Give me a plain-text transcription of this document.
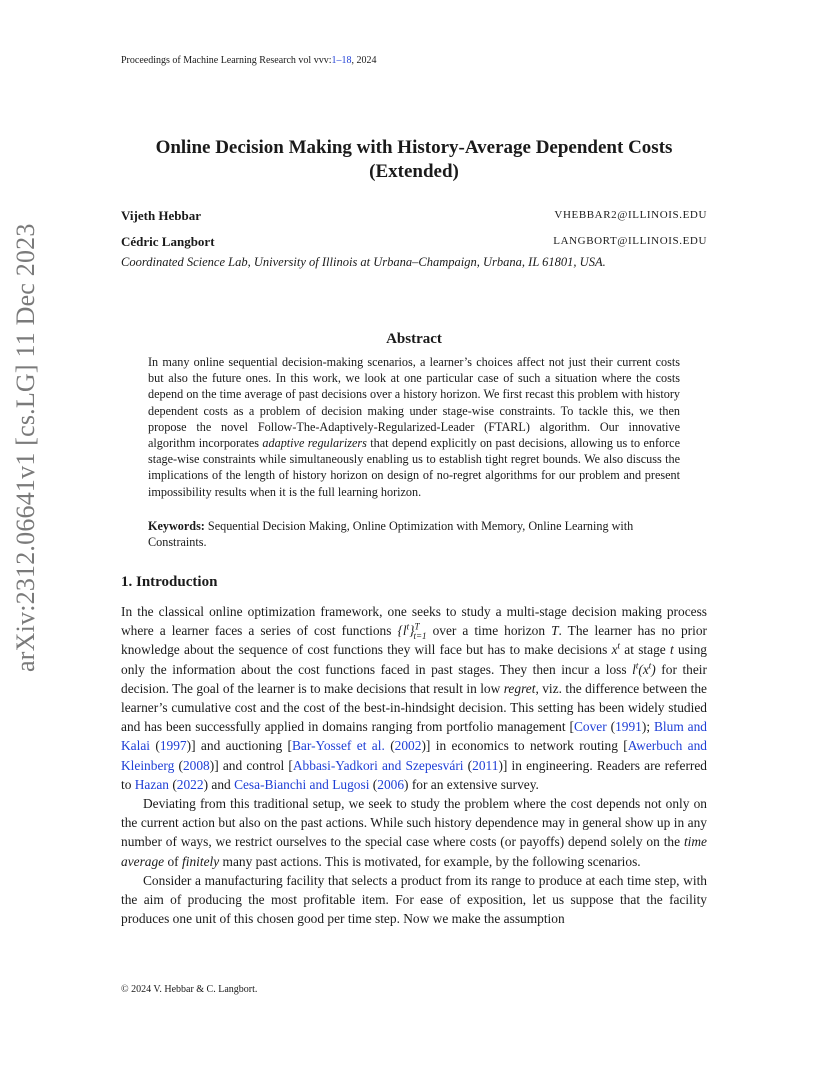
Proceedings of Machine Learning Research vol vvv:1–18, 2024
arXiv:2312.06641v1 [cs.LG] 11 Dec 2023
Online Decision Making with History-Average Dependent Costs
(Extended)
Vijeth Hebbar	VHEBBAR2@ILLINOIS.EDU
Cédric Langbort	LANGBORT@ILLINOIS.EDU
Coordinated Science Lab, University of Illinois at Urbana–Champaign, Urbana, IL 61801, USA.
Abstract
In many online sequential decision-making scenarios, a learner’s choices affect not just their current costs but also the future ones. In this work, we look at one particular case of such a situation where the costs depend on the time average of past decisions over a history horizon. We first recast this problem with history dependent costs as a problem of decision making under stage-wise constraints. To tackle this, we then propose the novel Follow-The-Adaptively-Regularized-Leader (FTARL) algorithm. Our innovative algorithm incorporates adaptive regularizers that depend explicitly on past decisions, allowing us to enforce stage-wise constraints while simultaneously enabling us to establish tight regret bounds. We also discuss the implications of the length of history horizon on design of no-regret algorithms for our problem and present impossibility results when it is the full learning horizon.
Keywords: Sequential Decision Making, Online Optimization with Memory, Online Learning with Constraints.
1. Introduction

In the classical online optimization framework, one seeks to study a multi-stage decision making process where a learner faces a series of cost functions $\{l^t\}^T_{t=1}$ over a time horizon T. The learner has no prior knowledge about the sequence of cost functions they will face but has to make decisions $x^t$ at stage t using only the information about the cost functions faced in past stages. They then incur a loss $l^t(x^t)$ for their decision. The goal of the learner is to make decisions that result in low regret, viz. the difference between the learner’s cumulative cost and the cost of the best-in-hindsight decision. This setting has been widely studied and has been successfully applied in domains ranging from portfolio management [Cover (1991); Blum and Kalai (1997)] and auctioning [Bar-Yossef et al. (2002)] in economics to network routing [Awerbuch and Kleinberg (2008)] and control [Abbasi-Yadkori and Szepesvári (2011)] in engineering. Readers are referred to Hazan (2022) and Cesa-Bianchi and Lugosi (2006) for an extensive survey.

Deviating from this traditional setup, we seek to study the problem where the cost depends not only on the current action but also on the past actions. While such history dependence may in general show up in any number of ways, we restrict ourselves to the special case where costs (or payoffs) depend solely on the time average of finitely many past actions. This is motivated, for example, by the following scenarios.

Consider a manufacturing facility that selects a product from its range to produce at each time step, with the aim of producing the most profitable item. For ease of exposition, let us suppose that the facility produces one unit of this chosen good per time step. Now we make the assumption

© 2024 V. Hebbar & C. Langbort.
